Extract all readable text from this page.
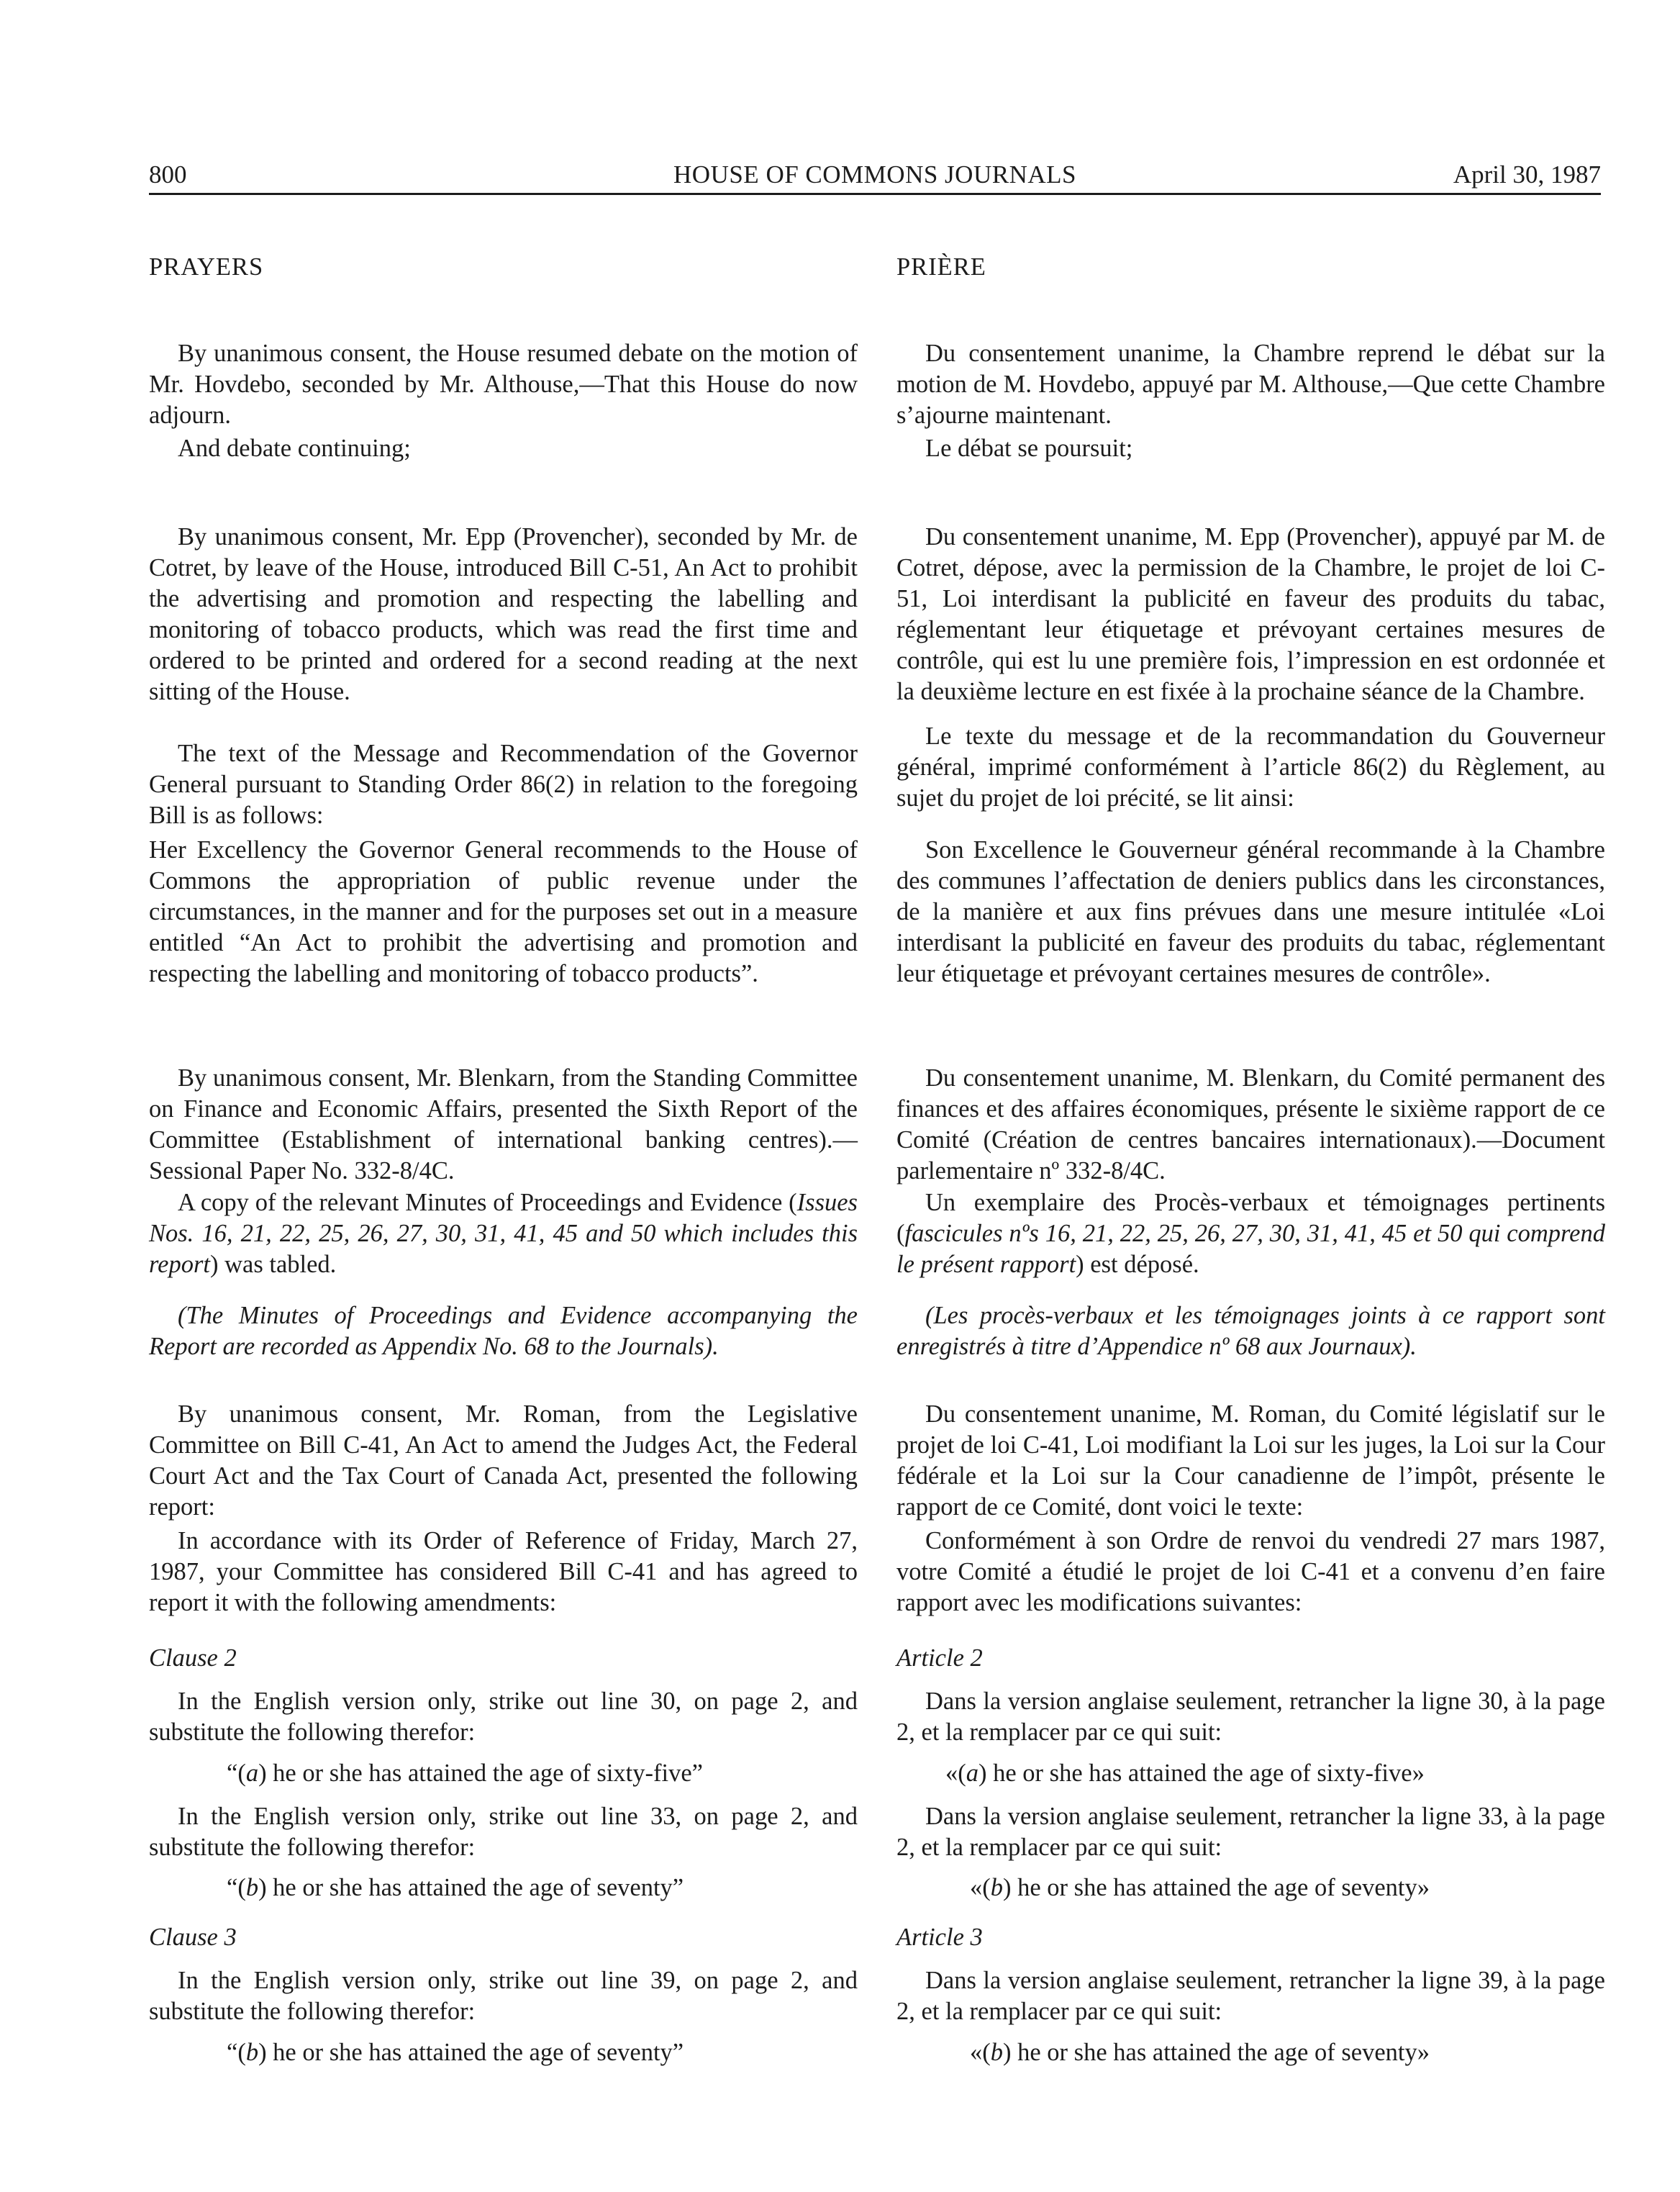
800	HOUSE OF COMMONS JOURNALS	April 30, 1987

PRAYERS

By unanimous consent, the House resumed debate on the motion of Mr. Hovdebo, seconded by Mr. Althouse,—That this House do now adjourn.

And debate continuing;

By unanimous consent, Mr. Epp (Provencher), seconded by Mr. de Cotret, by leave of the House, introduced Bill C-51, An Act to prohibit the advertising and promotion and respecting the labelling and monitoring of tobacco products, which was read the first time and ordered to be printed and ordered for a second reading at the next sitting of the House.

The text of the Message and Recommendation of the Governor General pursuant to Standing Order 86(2) in relation to the foregoing Bill is as follows:

Her Excellency the Governor General recommends to the House of Commons the appropriation of public revenue under the circumstances, in the manner and for the purposes set out in a measure entitled “An Act to prohibit the advertising and promotion and respecting the labelling and monitoring of tobacco products”.

By unanimous consent, Mr. Blenkarn, from the Standing Committee on Finance and Economic Affairs, presented the Sixth Report of the Committee (Establishment of international banking centres).—Sessional Paper No. 332-8/4C.

A copy of the relevant Minutes of Proceedings and Evidence (Issues Nos. 16, 21, 22, 25, 26, 27, 30, 31, 41, 45 and 50 which includes this report) was tabled.

(The Minutes of Proceedings and Evidence accompanying the Report are recorded as Appendix No. 68 to the Journals).

By unanimous consent, Mr. Roman, from the Legislative Committee on Bill C-41, An Act to amend the Judges Act, the Federal Court Act and the Tax Court of Canada Act, presented the following report:

In accordance with its Order of Reference of Friday, March 27, 1987, your Committee has considered Bill C-41 and has agreed to report it with the following amendments:

Clause 2

In the English version only, strike out line 30, on page 2, and substitute the following therefor:

“(a) he or she has attained the age of sixty-five”

In the English version only, strike out line 33, on page 2, and substitute the following therefor:

“(b) he or she has attained the age of seventy”

Clause 3

In the English version only, strike out line 39, on page 2, and substitute the following therefor:

“(b) he or she has attained the age of seventy”

PRIÈRE

Du consentement unanime, la Chambre reprend le débat sur la motion de M. Hovdebo, appuyé par M. Althouse,—Que cette Chambre s’ajourne maintenant.

Le débat se poursuit;

Du consentement unanime, M. Epp (Provencher), appuyé par M. de Cotret, dépose, avec la permission de la Chambre, le projet de loi C-51, Loi interdisant la publicité en faveur des produits du tabac, réglementant leur étiquetage et prévoyant certaines mesures de contrôle, qui est lu une première fois, l’impression en est ordonnée et la deuxième lecture en est fixée à la prochaine séance de la Chambre.

Le texte du message et de la recommandation du Gouverneur général, imprimé conformément à l’article 86(2) du Règlement, au sujet du projet de loi précité, se lit ainsi:

Son Excellence le Gouverneur général recommande à la Chambre des communes l’affectation de deniers publics dans les circonstances, de la manière et aux fins prévues dans une mesure intitulée «Loi interdisant la publicité en faveur des produits du tabac, réglementant leur étiquetage et prévoyant certaines mesures de contrôle».

Du consentement unanime, M. Blenkarn, du Comité permanent des finances et des affaires économiques, présente le sixième rapport de ce Comité (Création de centres bancaires internationaux).—Document parlementaire nº 332-8/4C.

Un exemplaire des Procès-verbaux et témoignages pertinents (fascicules nºs 16, 21, 22, 25, 26, 27, 30, 31, 41, 45 et 50 qui comprend le présent rapport) est déposé.

(Les procès-verbaux et les témoignages joints à ce rapport sont enregistrés à titre d’Appendice nº 68 aux Journaux).

Du consentement unanime, M. Roman, du Comité législatif sur le projet de loi C-41, Loi modifiant la Loi sur les juges, la Loi sur la Cour fédérale et la Loi sur la Cour canadienne de l’impôt, présente le rapport de ce Comité, dont voici le texte:

Conformément à son Ordre de renvoi du vendredi 27 mars 1987, votre Comité a étudié le projet de loi C-41 et a convenu d’en faire rapport avec les modifications suivantes:

Article 2

Dans la version anglaise seulement, retrancher la ligne 30, à la page 2, et la remplacer par ce qui suit:

«(a) he or she has attained the age of sixty-five»

Dans la version anglaise seulement, retrancher la ligne 33, à la page 2, et la remplacer par ce qui suit:

«(b) he or she has attained the age of seventy»

Article 3

Dans la version anglaise seulement, retrancher la ligne 39, à la page 2, et la remplacer par ce qui suit:

«(b) he or she has attained the age of seventy»
